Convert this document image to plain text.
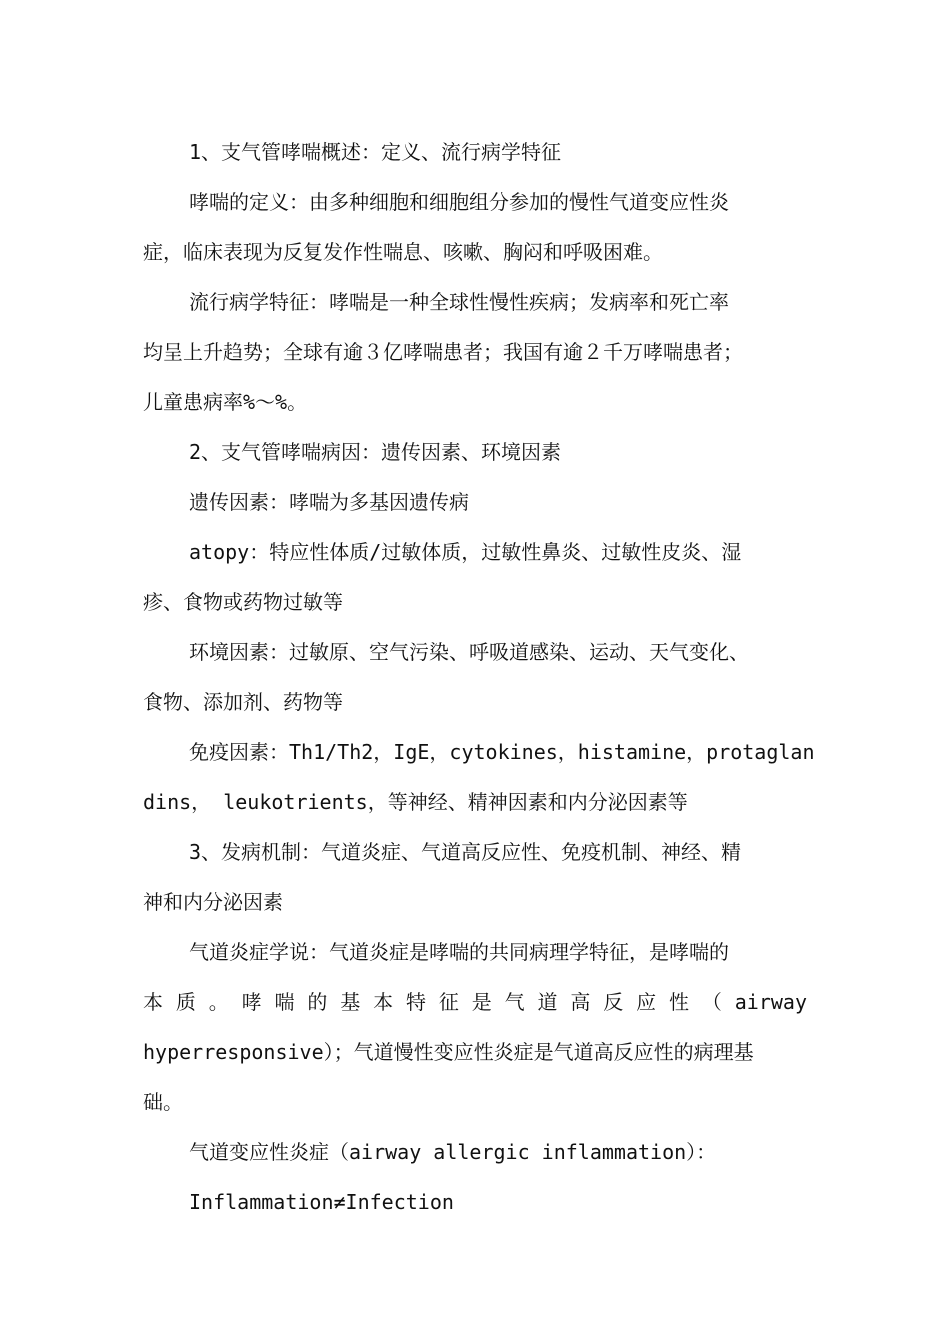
1、支气管哮喘概述：定义、流行病学特征
哮喘的定义：由多种细胞和细胞组分参加的慢性气道变应性炎
症，临床表现为反复发作性喘息、咳嗽、胸闷和呼吸困难。
流行病学特征：哮喘是一种全球性慢性疾病；发病率和死亡率
均呈上升趋势；全球有逾３亿哮喘患者；我国有逾２千万哮喘患者；
儿童患病率%～%。
2、支气管哮喘病因：遗传因素、环境因素
遗传因素：哮喘为多基因遗传病
atopy：特应性体质/过敏体质，过敏性鼻炎、过敏性皮炎、湿
疹、食物或药物过敏等
环境因素：过敏原、空气污染、呼吸道感染、运动、天气变化、
食物、添加剂、药物等
免疫因素：Th1/Th2，IgE，cytokines，histamine，protaglan
dins， leukotrients，等神经、精神因素和内分泌因素等
3、发病机制：气道炎症、气道高反应性、免疫机制、神经、精
神和内分泌因素
气道炎症学说：气道炎症是哮喘的共同病理学特征，是哮喘的
本 质 。 哮 喘 的 基 本 特 征 是 气 道 高 反 应 性 （ airway
hyperresponsive）；气道慢性变应性炎症是气道高反应性的病理基
础。
气道变应性炎症（airway allergic inflammation）：
Inflammation≠Infection
